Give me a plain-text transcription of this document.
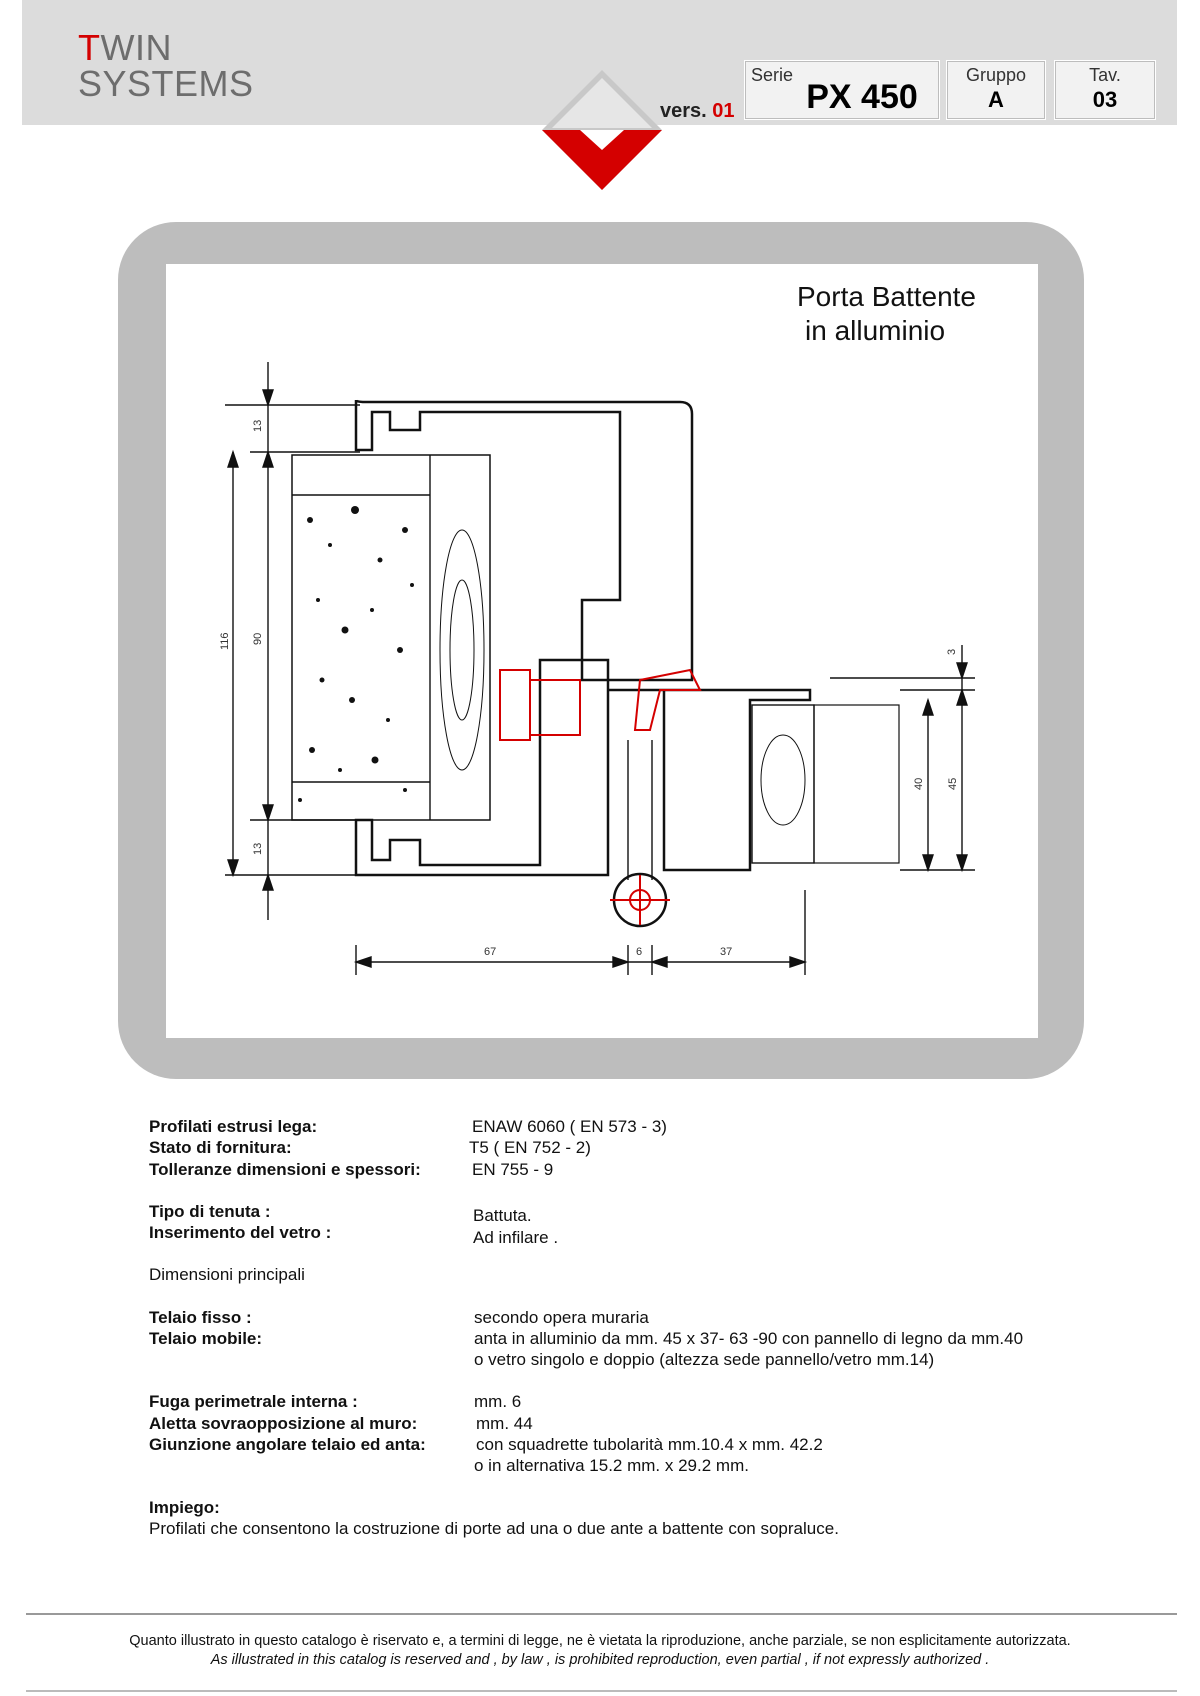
TWIN
SYSTEMS
vers. 01
Serie
PX 450
Gruppo
A
Tav.
03
Porta Battente
in alluminio
13
116 90
13
67	6	37
3
40 45
Profilati estrusi lega:	ENAW 6060 ( EN 573 - 3)
Stato di fornitura:	T5 ( EN 752 - 2)
Tolleranze dimensioni e spessori:	EN 755 - 9
Tipo di tenuta :	Battuta.
Inserimento del vetro :	Ad infilare .
Dimensioni principali
Telaio fisso :	secondo opera muraria
Telaio mobile:	anta in alluminio da mm. 45 x 37- 63 -90 con pannello di legno da mm.40
o vetro singolo e doppio (altezza sede pannello/vetro mm.14)
Fuga perimetrale interna :	mm. 6
Aletta sovraopposizione al muro:	mm. 44
Giunzione angolare telaio ed anta:	con squadrette tubolarità mm.10.4 x mm. 42.2
o in alternativa 15.2 mm. x 29.2 mm.
Impiego:
Profilati che consentono la costruzione di porte ad una o due ante a battente con sopraluce.
Quanto illustrato in questo catalogo è riservato e, a termini di legge, ne è vietata la riproduzione, anche parziale, se non esplicitamente autorizzata.
As illustrated in this catalog is reserved and , by law , is prohibited reproduction, even partial , if not expressly authorized .
